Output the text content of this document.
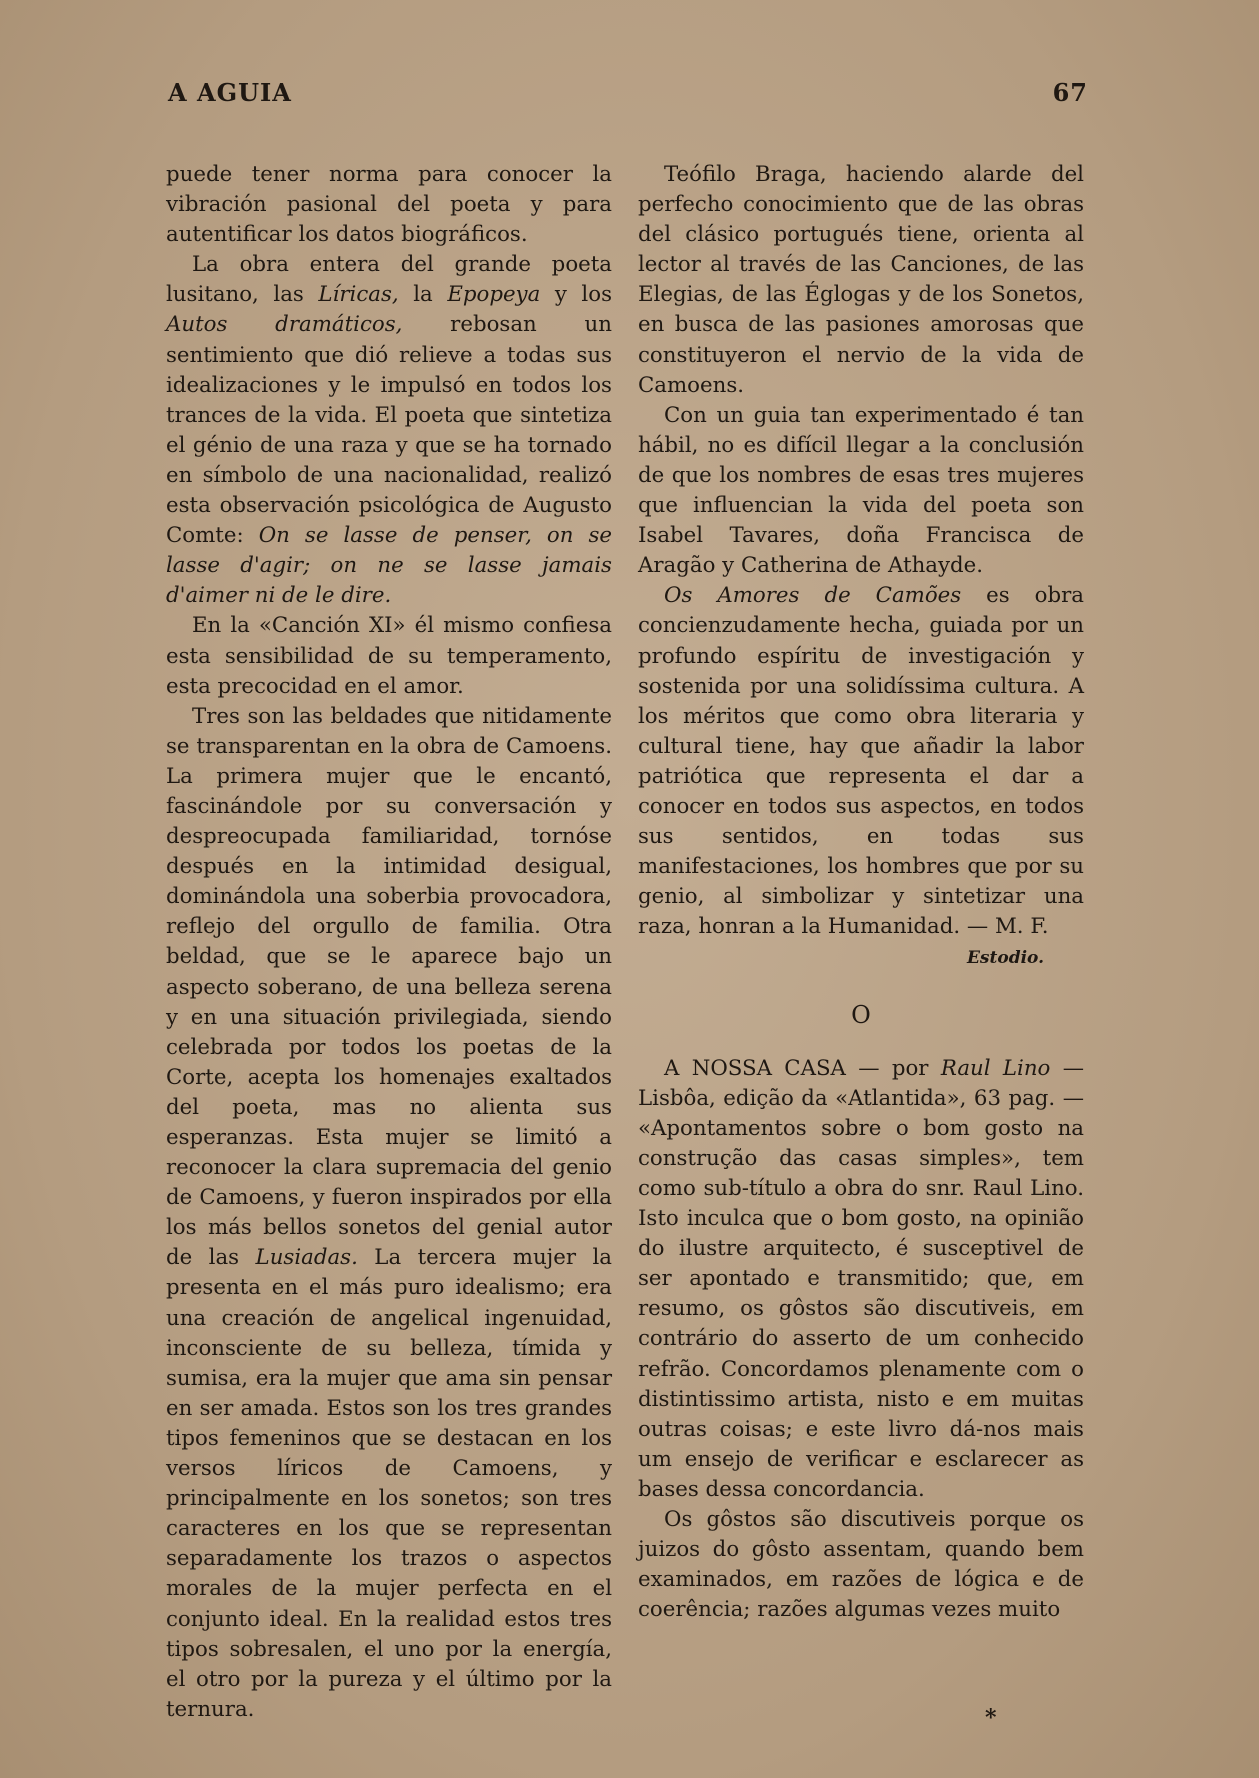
A AGUIA	67

puede tener norma para conocer la vibración pasional del poeta y para autentificar los datos biográficos.

La obra entera del grande poeta lusitano, las Líricas, la Epopeya y los Autos dramáticos, rebosan un sentimiento que dió relieve a todas sus idealizaciones y le impulsó en todos los trances de la vida. El poeta que sintetiza el génio de una raza y que se ha tornado en símbolo de una nacionalidad, realizó esta observación psicológica de Augusto Comte: On se lasse de penser, on se lasse d'agir; on ne se lasse jamais d'aimer ni de le dire.

En la «Canción XI» él mismo confiesa esta sensibilidad de su temperamento, esta precocidad en el amor.

Tres son las beldades que nitidamente se transparentan en la obra de Camoens. La primera mujer que le encantó, fascinándole por su conversación y despreocupada familiaridad, tornóse después en la intimidad desigual, dominándola una soberbia provocadora, reflejo del orgullo de familia. Otra beldad, que se le aparece bajo un aspecto soberano, de una belleza serena y en una situación privilegiada, siendo celebrada por todos los poetas de la Corte, acepta los homenajes exaltados del poeta, mas no alienta sus esperanzas. Esta mujer se limitó a reconocer la clara supremacia del genio de Camoens, y fueron inspirados por ella los más bellos sonetos del genial autor de las Lusiadas. La tercera mujer la presenta en el más puro idealismo; era una creación de angelical ingenuidad, inconsciente de su belleza, tímida y sumisa, era la mujer que ama sin pensar en ser amada. Estos son los tres grandes tipos femeninos que se destacan en los versos líricos de Camoens, y principalmente en los sonetos; son tres caracteres en los que se representan separadamente los trazos o aspectos morales de la mujer perfecta en el conjunto ideal. En la realidad estos tres tipos sobresalen, el uno por la energía, el otro por la pureza y el último por la ternura.

Teófilo Braga, haciendo alarde del perfecho conocimiento que de las obras del clásico portugués tiene, orienta al lector al través de las Canciones, de las Elegias, de las Églogas y de los Sonetos, en busca de las pasiones amorosas que constituyeron el nervio de la vida de Camoens.

Con un guia tan experimentado é tan hábil, no es difícil llegar a la conclusión de que los nombres de esas tres mujeres que influencian la vida del poeta son Isabel Tavares, doña Francisca de Aragão y Catherina de Athayde.

Os Amores de Camões es obra concienzudamente hecha, guiada por un profundo espíritu de investigación y sostenida por una solidíssima cultura. A los méritos que como obra literaria y cultural tiene, hay que añadir la labor patriótica que representa el dar a conocer en todos sus aspectos, en todos sus sentidos, en todas sus manifestaciones, los hombres que por su genio, al simbolizar y sintetizar una raza, honran a la Humanidad. — M. F.

Estodio.

O

A NOSSA CASA — por Raul Lino — Lisbôa, edição da «Atlantida», 63 pag. — «Apontamentos sobre o bom gosto na construção das casas simples», tem como sub-título a obra do snr. Raul Lino. Isto inculca que o bom gosto, na opinião do ilustre arquitecto, é susceptivel de ser apontado e transmitido; que, em resumo, os gôstos são discutiveis, em contrário do asserto de um conhecido refrão. Concordamos plenamente com o distintissimo artista, nisto e em muitas outras coisas; e este livro dá-nos mais um ensejo de verificar e esclarecer as bases dessa concordancia.

Os gôstos são discutiveis porque os juizos do gôsto assentam, quando bem examinados, em razões de lógica e de coerência; razões algumas vezes muito

*
